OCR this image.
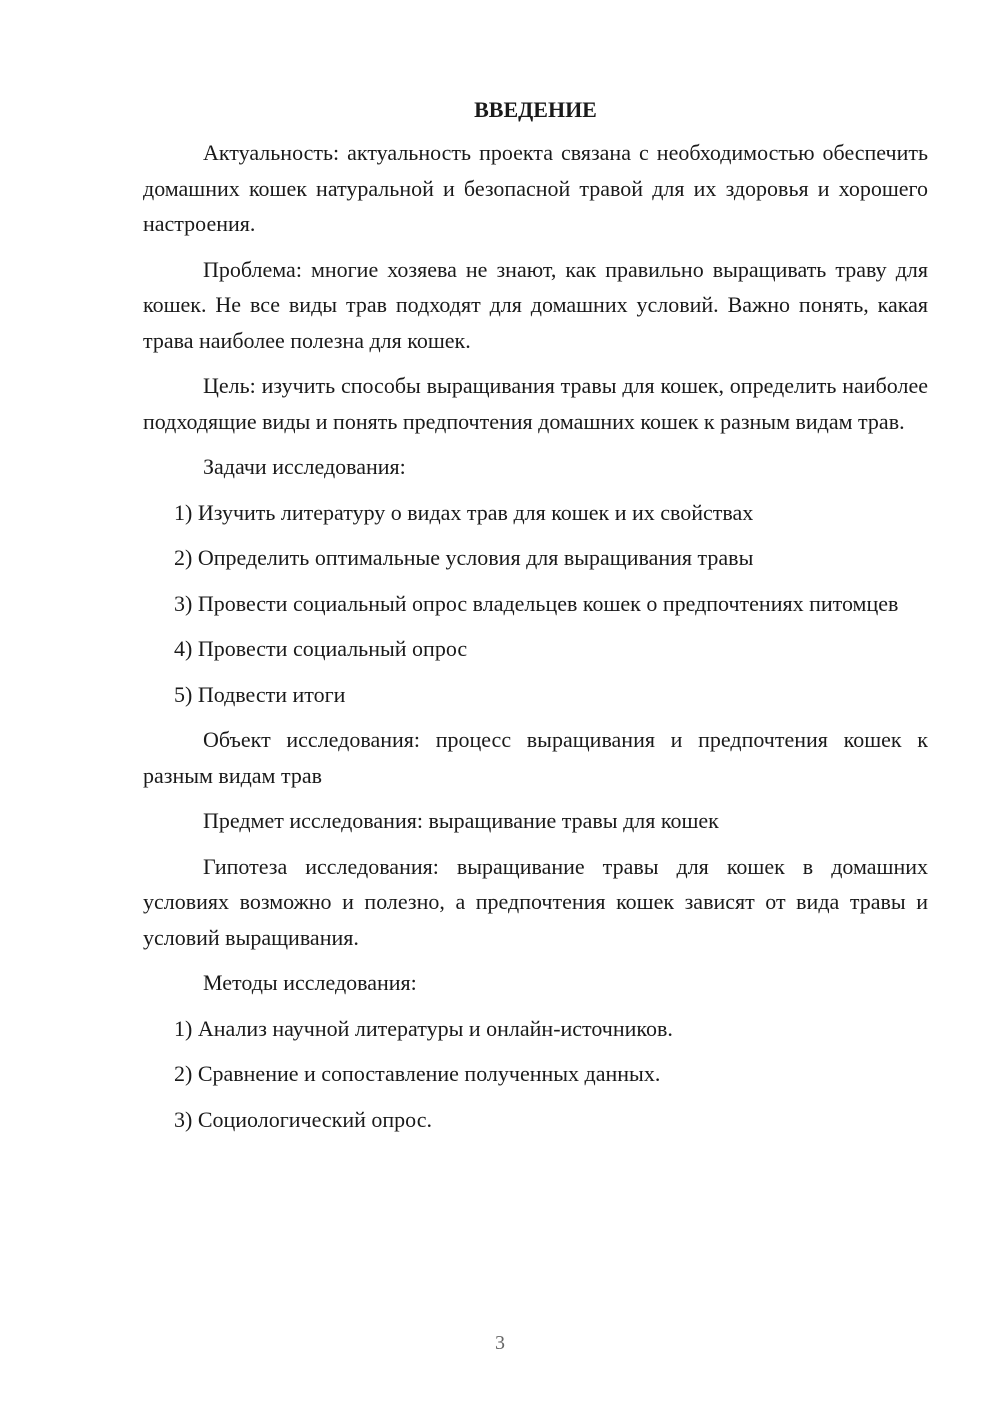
ВВЕДЕНИЕ

Актуальность: актуальность проекта связана с необходимостью обеспечить домашних кошек натуральной и безопасной травой для их здоровья и хорошего настроения.

Проблема: многие хозяева не знают, как правильно выращивать траву для кошек. Не все виды трав подходят для домашних условий. Важно понять, какая трава наиболее полезна для кошек.

Цель: изучить способы выращивания травы для кошек, определить наиболее подходящие виды и понять предпочтения домашних кошек к разным видам трав.

Задачи исследования:

1) Изучить литературу о видах трав для кошек и их свойствах

2) Определить оптимальные условия для выращивания травы

3) Провести социальный опрос владельцев кошек о предпочтениях питомцев

4) Провести социальный опрос

5) Подвести итоги

Объект исследования: процесс выращивания и предпочтения кошек к разным видам трав

Предмет исследования: выращивание травы для кошек

Гипотеза исследования: выращивание травы для кошек в домашних условиях возможно и полезно, а предпочтения кошек зависят от вида травы и условий выращивания.

Методы исследования:

1) Анализ научной литературы и онлайн-источников.

2) Сравнение и сопоставление полученных данных.

3) Социологический опрос.

3
